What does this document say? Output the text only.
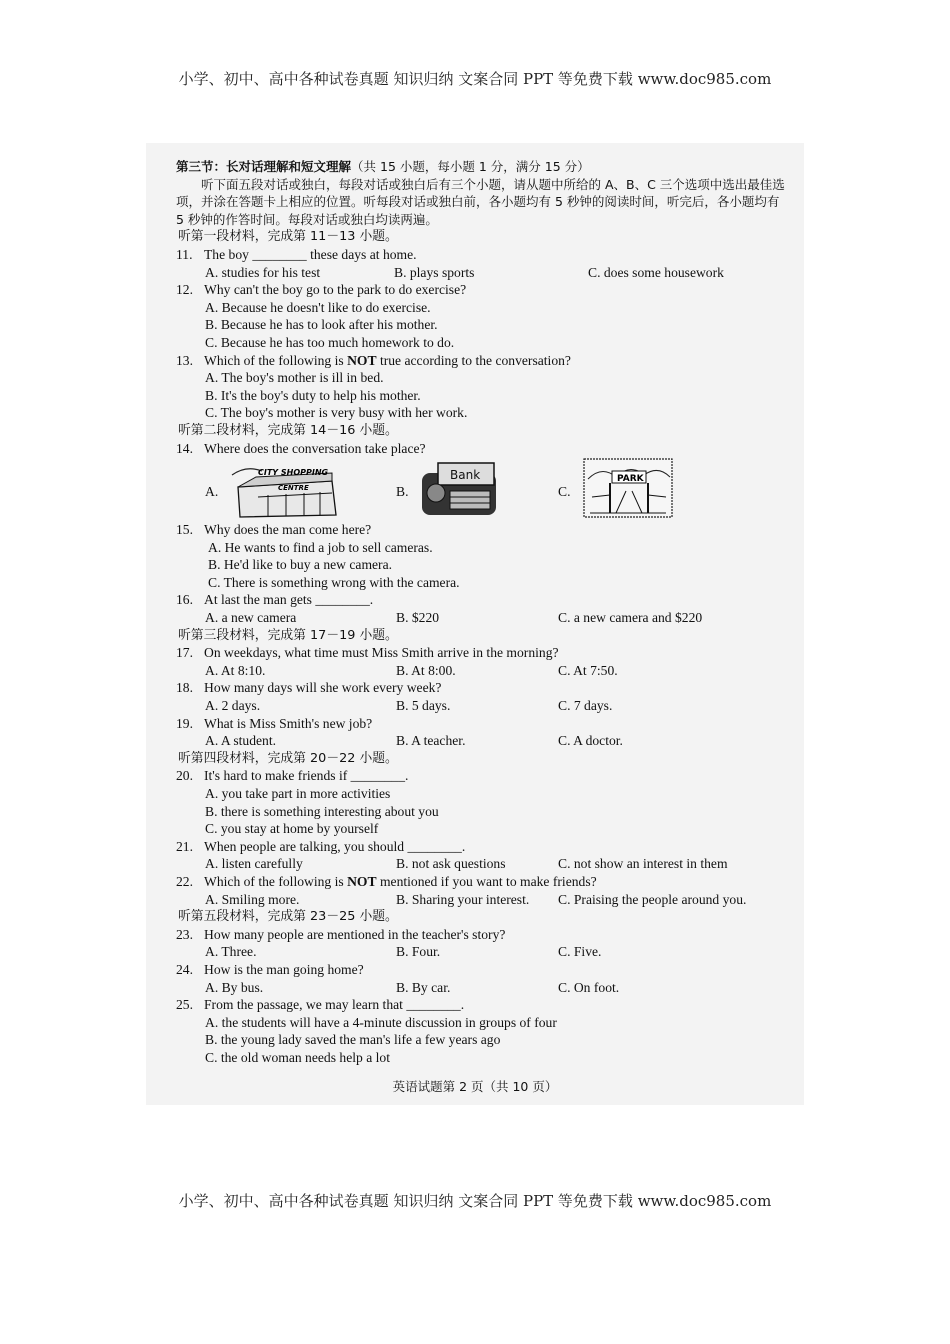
小学、初中、高中各种试卷真题 知识归纳 文案合同 PPT 等免费下载 www.doc985.com
第三节：长对话理解和短文理解（共 15 小题，每小题 1 分，满分 15 分）
听下面五段对话或独白，每段对话或独白后有三个小题，请从题中所给的 A、B、C 三个选项中选出最佳选项，并涂在答题卡上相应的位置。听每段对话或独白前，各小题均有 5 秒钟的阅读时间，听完后，各小题均有 5 秒钟的作答时间。每段对话或独白均读两遍。
听第一段材料，完成第 11－13 小题。
11. The boy ________ these days at home.
A. studies for his test	B. plays sports	C. does some housework
12. Why can't the boy go to the park to do exercise?
A. Because he doesn't like to do exercise.
B. Because he has to look after his mother.
C. Because he has too much homework to do.
13. Which of the following is NOT true according to the conversation?
A. The boy's mother is ill in bed.
B. It's the boy's duty to help his mother.
C. The boy's mother is very busy with her work.
听第二段材料，完成第 14－16 小题。
14. Where does the conversation take place?
A.
CITY SHOPPING
CENTRE	B.
Bank
C.
PARK
15. Why does the man come here?
A. He wants to find a job to sell cameras.
B. He'd like to buy a new camera.
C. There is something wrong with the camera.
16. At last the man gets ________.
A. a new camera	B. $220	C. a new camera and $220
听第三段材料，完成第 17－19 小题。
17. On weekdays, what time must Miss Smith arrive in the morning?
A. At 8:10.	B. At 8:00.	C. At 7:50.
18. How many days will she work every week?
A. 2 days.	B. 5 days.	C. 7 days.
19. What is Miss Smith's new job?
A. A student.	B. A teacher.	C. A doctor.
听第四段材料，完成第 20－22 小题。
20. It's hard to make friends if ________.
A. you take part in more activities
B. there is something interesting about you
C. you stay at home by yourself
21. When people are talking, you should ________.
A. listen carefully	B. not ask questions	C. not show an interest in them
22. Which of the following is NOT mentioned if you want to make friends?
A. Smiling more.	B. Sharing your interest. C. Praising the people around you.
听第五段材料，完成第 23－25 小题。
23. How many people are mentioned in the teacher's story?
A. Three.	B. Four.	C. Five.
24. How is the man going home?
A. By bus.	B. By car.	C. On foot.
25. From the passage, we may learn that ________.
A. the students will have a 4-minute discussion in groups of four
B. the young lady saved the man's life a few years ago
C. the old woman needs help a lot
英语试题第 2 页（共 10 页）
小学、初中、高中各种试卷真题 知识归纳 文案合同 PPT 等免费下载 www.doc985.com
